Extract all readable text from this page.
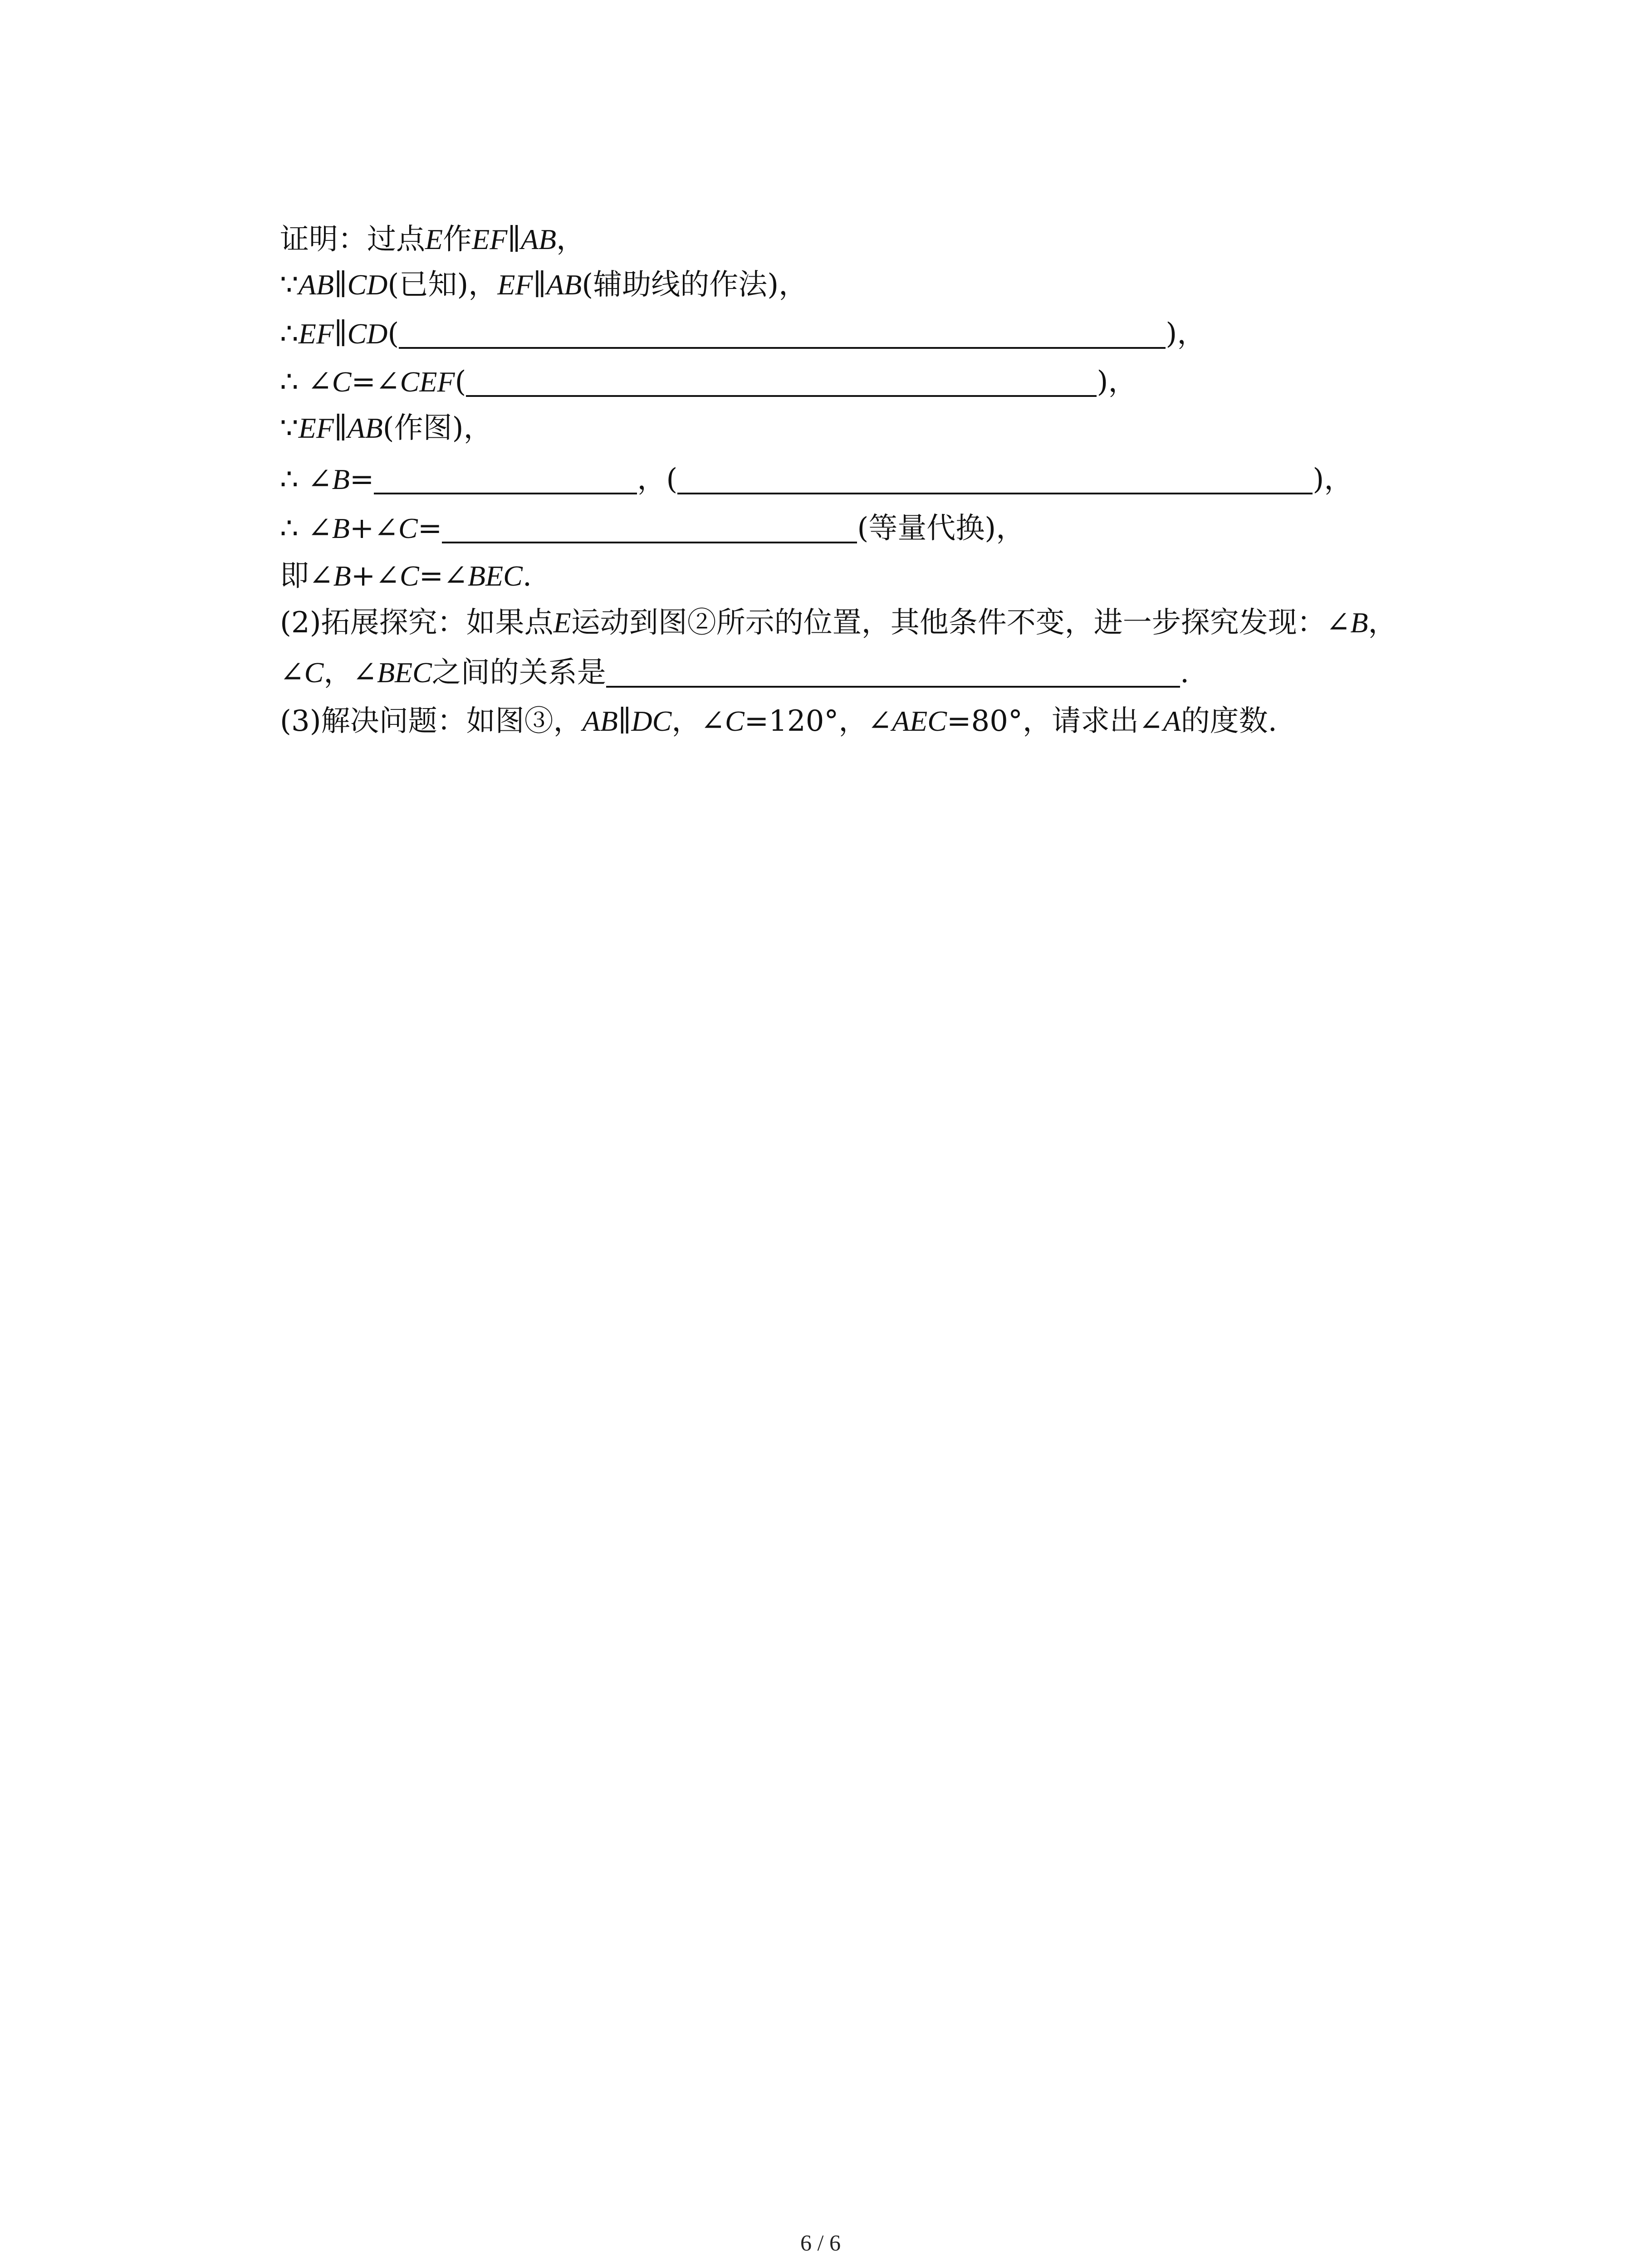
证明：过点E作EF∥AB，
∵AB∥CD(已知)，EF∥AB(辅助线的作法)，
∴EF∥CD(	)，
∴ ∠C=∠CEF(	)，
∵EF∥AB(作图)，
∴ ∠B=	，(	)，
∴ ∠B+∠C=	(等量代换)，
即∠B+∠C=∠BEC.
(2)拓展探究：如果点E运动到图②所示的位置，其他条件不变，进一步探究发现：∠B，
∠C，∠BEC之间的关系是	.
(3)解决问题：如图③，AB∥DC，∠C=120°，∠AEC=80°，请求出∠A的度数.
6 / 6
